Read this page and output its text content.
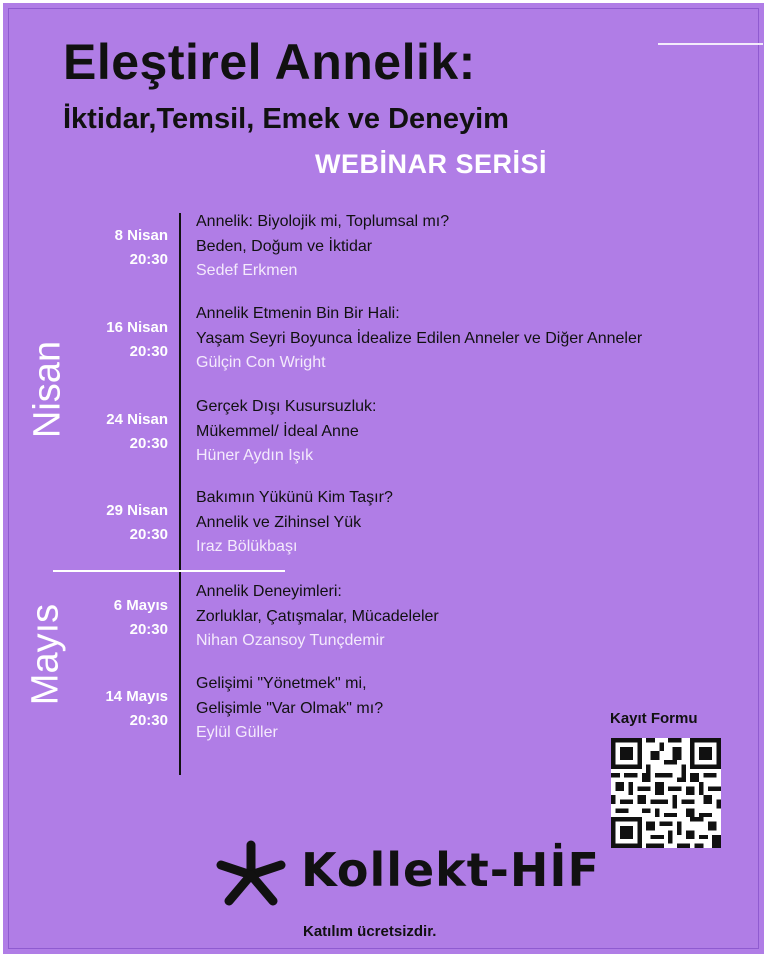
Eleştirel Annelik:
İktidar,Temsil, Emek ve Deneyim
WEBİNAR SERİSİ
Nisan
Mayıs
8 Nisan
20:30
Annelik: Biyolojik mi, Toplumsal mı?
Beden, Doğum ve İktidar
Sedef Erkmen
16 Nisan
20:30
Annelik Etmenin Bin Bir Hali:
Yaşam Seyri Boyunca İdealize Edilen Anneler ve Diğer Anneler
Gülçin Con Wright
24 Nisan
20:30
Gerçek Dışı Kusursuzluk:
Mükemmel/ İdeal Anne
Hüner Aydın Işık
29 Nisan
20:30
Bakımın Yükünü Kim Taşır?
Annelik ve Zihinsel Yük
Iraz Bölükbaşı
6 Mayıs
20:30
Annelik Deneyimleri:
Zorluklar, Çatışmalar, Mücadeleler
Nihan Ozansoy Tunçdemir
14 Mayıs
20:30
Gelişimi "Yönetmek" mi,
Gelişimle "Var Olmak" mı?
Eylül Güller
Kayıt Formu
Kollekt-HİF
Katılım ücretsizdir.
